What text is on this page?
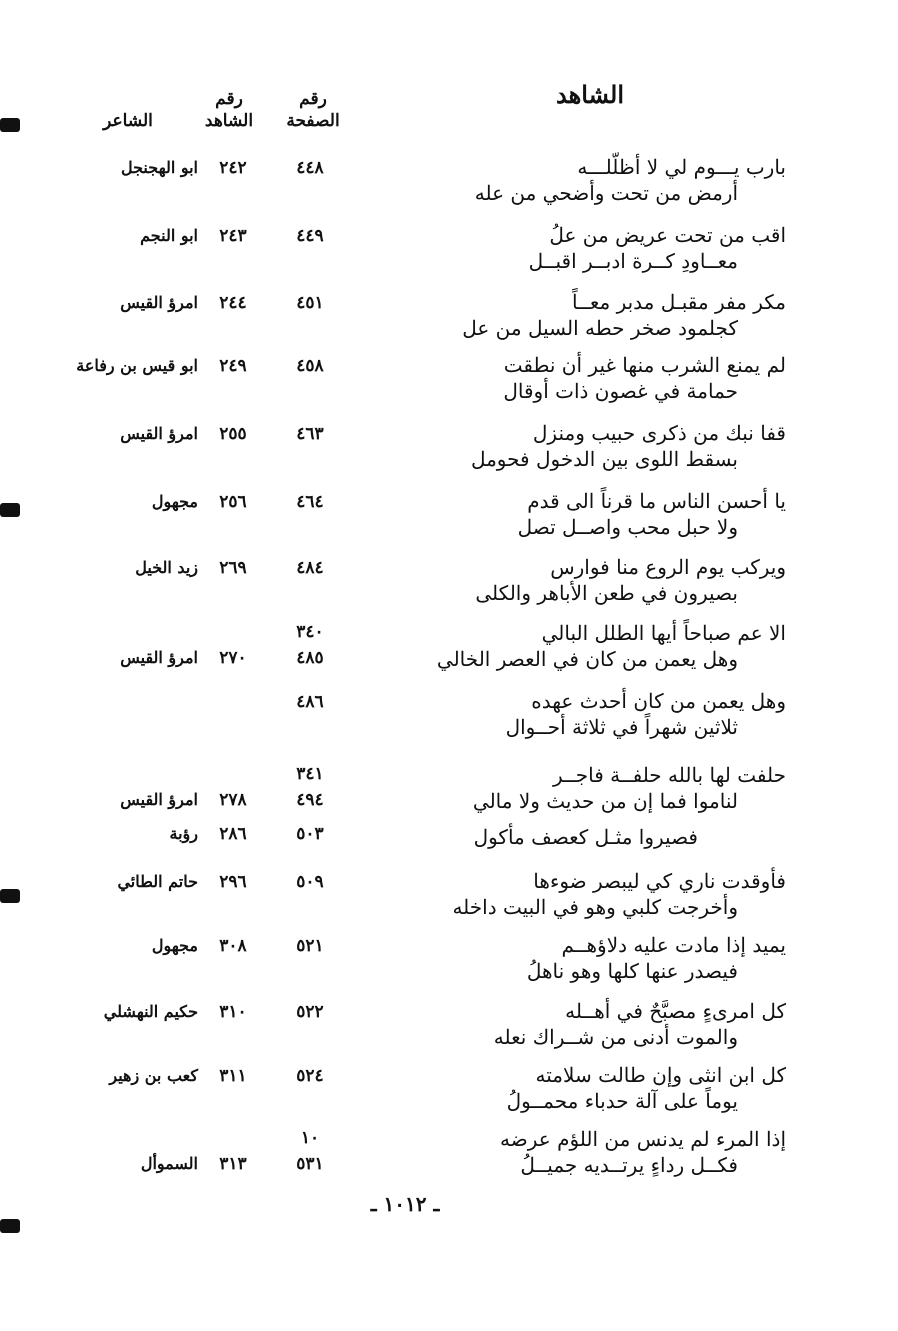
الشاهد
رقم
الصفحة
رقم
الشاهد
الشاعر
بارب يـــوم لي لا أظلّلـــه
أرمض من تحت وأضحي من عله
٤٤٨
٢٤٢
ابو الهجنجل
اقب من تحت عريض من علُ
معــاودِ كــرة ادبــر اقبــل
٤٤٩
٢٤٣
ابو النجم
مكر مفر مقبـل مدبر معــاً
كجلمود صخر حطه السيل من عل
٤٥١
٢٤٤
امرؤ القيس
لم يمنع الشرب منها غير أن نطقت
حمامة في غصون ذات أوقال
٤٥٨
٢٤٩
ابو قيس بن رفاعة
قفا نبك من ذكرى حبيب ومنزل
بسقط اللوى بين الدخول فحومل
٤٦٣
٢٥٥
امرؤ القيس
يا أحسن الناس ما قرناً الى قدم
ولا حبل محب واصــل تصل
٤٦٤
٢٥٦
مجهول
ويركب يوم الروع منا فوارس
بصيرون في طعن الأباهر والكلى
٤٨٤
٢٦٩
زيد الخيل
الا عم صباحاً أيها الطلل البالي
وهل يعمن من كان في العصر الخالي
٣٤٠
٤٨٥
٢٧٠
امرؤ القيس
وهل يعمن من كان أحدث عهده
ثلاثين شهراً في ثلاثة أحــوال
٤٨٦
حلفت لها بالله حلفــة فاجــر
لناموا فما إن من حديث ولا مالي
٣٤١
٤٩٤
٢٧٨
امرؤ القيس
فصيروا مثـل كعصف مأكول
٥٠٣
٢٨٦
رؤبة
فأوقدت ناري كي ليبصر ضوءها
وأخرجت كلبي وهو في البيت داخله
٥٠٩
٢٩٦
حاتم الطائي
يميد إذا مادت عليه دلاؤهــم
فيصدر عنها كلها وهو ناهلُ
٥٢١
٣٠٨
مجهول
كل امرىءٍ مصبَّحٌ في أهــله
والموت أدنى من شــراك نعله
٥٢٢
٣١٠
حكيم النهشلي
كل ابن انثى وإن طالت سلامته
يوماً على آلة حدباء محمــولُ
٥٢٤
٣١١
كعب بن زهير
إذا المرء لم يدنس من اللؤم عرضه
فكــل رداءٍ يرتــديه جميــلُ
١٠
٥٣١
٣١٣
السموأل
ـ ١٠١٢ ـ
